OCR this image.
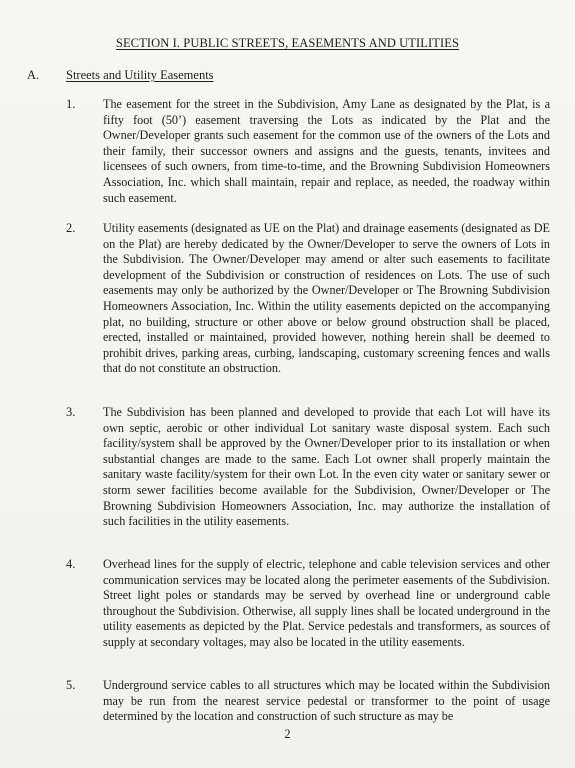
SECTION I. PUBLIC STREETS, EASEMENTS AND UTILITIES
A. Streets and Utility Easements
1. The easement for the street in the Subdivision, Amy Lane as designated by the Plat, is a fifty foot (50’) easement traversing the Lots as indicated by the Plat and the Owner/Developer grants such easement for the common use of the owners of the Lots and their family, their successor owners and assigns and the guests, tenants, invitees and licensees of such owners, from time-to-time, and the Browning Subdivision Homeowners Association, Inc. which shall maintain, repair and replace, as needed, the roadway within such easement.
2. Utility easements (designated as UE on the Plat) and drainage easements (designated as DE on the Plat) are hereby dedicated by the Owner/Developer to serve the owners of Lots in the Subdivision. The Owner/Developer may amend or alter such easements to facilitate development of the Subdivision or construction of residences on Lots. The use of such easements may only be authorized by the Owner/Developer or The Browning Subdivision Homeowners Association, Inc. Within the utility easements depicted on the accompanying plat, no building, structure or other above or below ground obstruction shall be placed, erected, installed or maintained, provided however, nothing herein shall be deemed to prohibit drives, parking areas, curbing, landscaping, customary screening fences and walls that do not constitute an obstruction.
3. The Subdivision has been planned and developed to provide that each Lot will have its own septic, aerobic or other individual Lot sanitary waste disposal system. Each such facility/system shall be approved by the Owner/Developer prior to its installation or when substantial changes are made to the same. Each Lot owner shall properly maintain the sanitary waste facility/system for their own Lot. In the even city water or sanitary sewer or storm sewer facilities become available for the Subdivision, Owner/Developer or The Browning Subdivision Homeowners Association, Inc. may authorize the installation of such facilities in the utility easements.
4. Overhead lines for the supply of electric, telephone and cable television services and other communication services may be located along the perimeter easements of the Subdivision. Street light poles or standards may be served by overhead line or underground cable throughout the Subdivision. Otherwise, all supply lines shall be located underground in the utility easements as depicted by the Plat. Service pedestals and transformers, as sources of supply at secondary voltages, may also be located in the utility easements.
5. Underground service cables to all structures which may be located within the Subdivision may be run from the nearest service pedestal or transformer to the point of usage determined by the location and construction of such structure as may be
2
